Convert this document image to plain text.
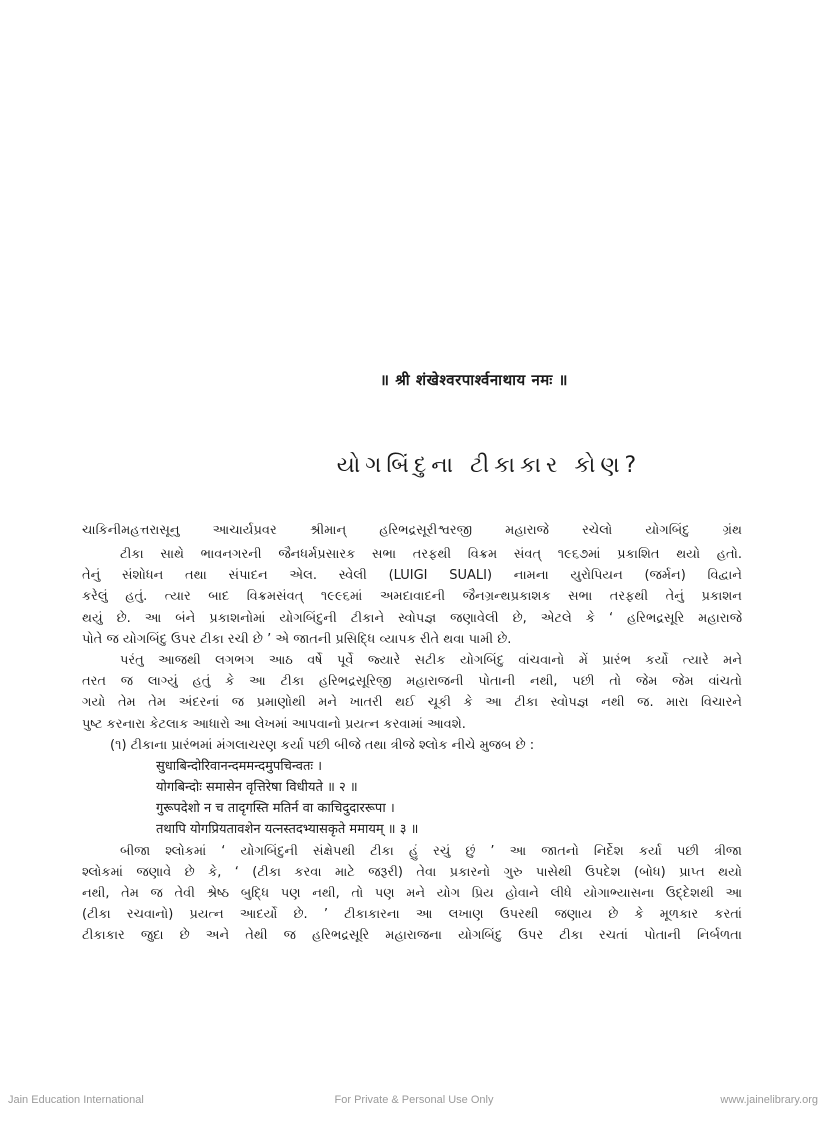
॥ श्री शंखेश्वरपार्श्वनाथाय नमः ॥
યોગબિંદુના ટીકાકાર કોણ?
ચાકિનીમહત્તરાસૂનુ આચાર્યપ્રવર શ્રીમાન્ હરિભદ્રસૂરીશ્વરજી મહારાજે રચેલો યોગબિંદુ ગ્રંથ
ટીકા સાથે ભાવનગરની જૈનધર્મપ્રસારક સભા તરફથી વિક્રમ સંવત્ ૧૯૬૭માં પ્રકાશિત થયો હતો.
તેનું સંશોધન તથા સંપાદન એલ. સ્વેલી (LUIGI SUALI) નામના યુરોપિયન (જર્મન) વિદ્વાને
કરેલું હતું. ત્યાર બાદ વિક્રમસંવત્ ૧૯૯૬માં અમદાવાદની જૈનગ્રન્થપ્રકાશક સભા તરફથી તેનું પ્રકાશન
થયું છે. આ બંને પ્રકાશનોમાં યોગબિંદુની ટીકાને સ્વોપજ્ઞ જણાવેલી છે, એટલે કે ‘ હરિભદ્રસૂરિ મહારાજે
પોતે જ યોગબિંદુ ઉપર ટીકા રચી છે ’ એ જાતની પ્રસિદ્ધિ વ્યાપક રીતે થવા પામી છે.
પરંતુ આજથી લગભગ આઠ વર્ષે પૂર્વે જ્યારે સટીક યોગબિંદુ વાંચવાનો મેં પ્રારંભ કર્યો ત્યારે મને
તરત જ લાગ્યું હતું કે આ ટીકા હરિભદ્રસૂરિજી મહારાજની પોતાની નથી, પછી તો જેમ જેમ વાંચતો
ગયો તેમ તેમ અંદરનાં જ પ્રમાણોથી મને ખાતરી થઈ ચૂકી કે આ ટીકા સ્વોપજ્ઞ નથી જ. મારા વિચારને
પુષ્ટ કરનારા કેટલાક આધારો આ લેખમાં આપવાનો પ્રયત્ન કરવામાં આવશે.
(૧) ટીકાના પ્રારંભમાં મંગલાચરણ કર્યા પછી બીજે તથા ત્રીજે શ્લોક નીચે મુજબ છે :
सुधाबिन्दोरिवानन्दममन्दमुपचिन्वतः ।
योगबिन्दोः समासेन वृत्तिरेषा विधीयते ॥ २ ॥
गुरूपदेशो न च तादृगस्ति मतिर्न वा काचिदुदाररूपा ।
तथापि योगप्रियतावशेन यत्नस्तदभ्यासकृते ममायम् ॥ ३ ॥
બીજા શ્લોકમાં ‘ યોગબિંદુની સંક્ષેપથી ટીકા હું રચું છું ’ આ જાતનો નિર્દેશ કર્યા પછી ત્રીજા
શ્લોકમાં જણાવે છે કે, ‘ (ટીકા કરવા માટે જરૂરી) તેવા પ્રકારનો ગુરુ પાસેથી ઉપદેશ (બોધ) પ્રાપ્ત થયો
નથી, તેમ જ તેવી શ્રેષ્ઠ બુદ્ધિ પણ નથી, તો પણ મને યોગ પ્રિય હોવાને લીધે યોગાભ્યાસના ઉદ્દેશથી આ
(ટીકા રચવાનો) પ્રયત્ન આદર્યો છે. ’ ટીકાકારના આ લખાણ ઉપરથી જણાય છે કે મૂળકાર કરતાં
ટીકાકાર જુદા છે અને તેથી જ હરિભદ્રસૂરિ મહારાજના યોગબિંદુ ઉપર ટીકા રચતાં પોતાની નિર્બળતા
Jain Education International	For Private & Personal Use Only	www.jainelibrary.org
